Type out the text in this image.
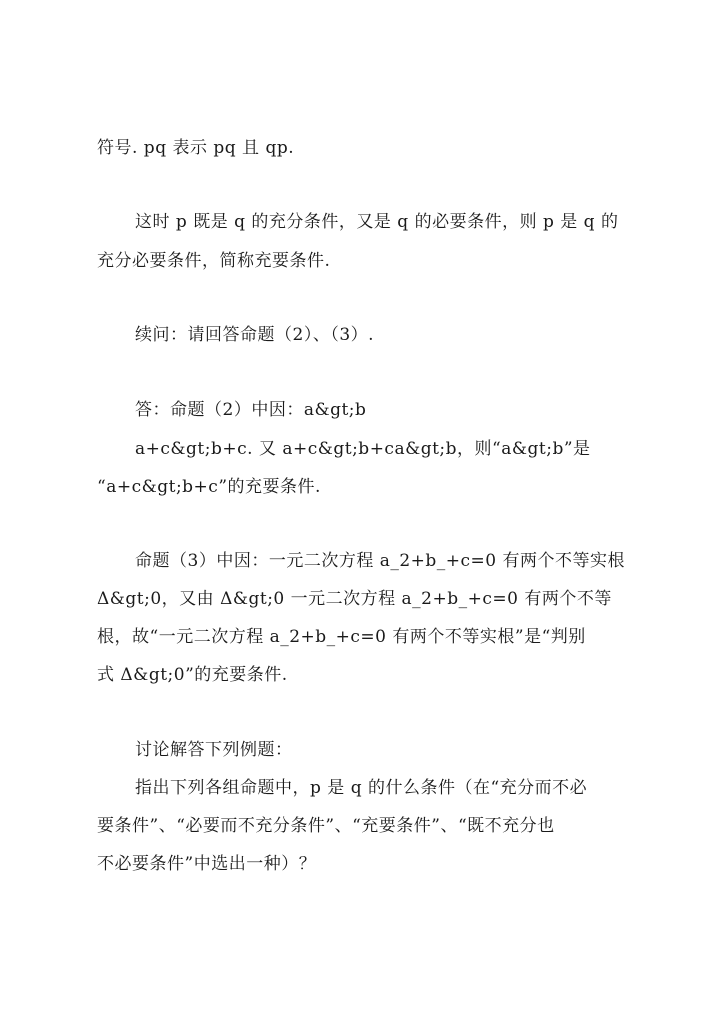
符号. pq 表示 pq 且 qp.
这时 p 既是 q 的充分条件，又是 q 的必要条件，则 p 是 q 的
充分必要条件，简称充要条件.
续问：请回答命题（2）、（3）.
答：命题（2）中因：a&gt;b
a+c&gt;b+c. 又 a+c&gt;b+ca&gt;b，则“a&gt;b”是
“a+c&gt;b+c”的充要条件.
命题（3）中因：一元二次方程 a_2+b_+c=0 有两个不等实根
Δ&gt;0，又由 Δ&gt;0 一元二次方程 a_2+b_+c=0 有两个不等
根，故“一元二次方程 a_2+b_+c=0 有两个不等实根”是“判别
式 Δ&gt;0”的充要条件.
讨论解答下列例题：
指出下列各组命题中，p 是 q 的什么条件（在“充分而不必
要条件”、“必要而不充分条件”、“充要条件”、“既不充分也
不必要条件”中选出一种）？
